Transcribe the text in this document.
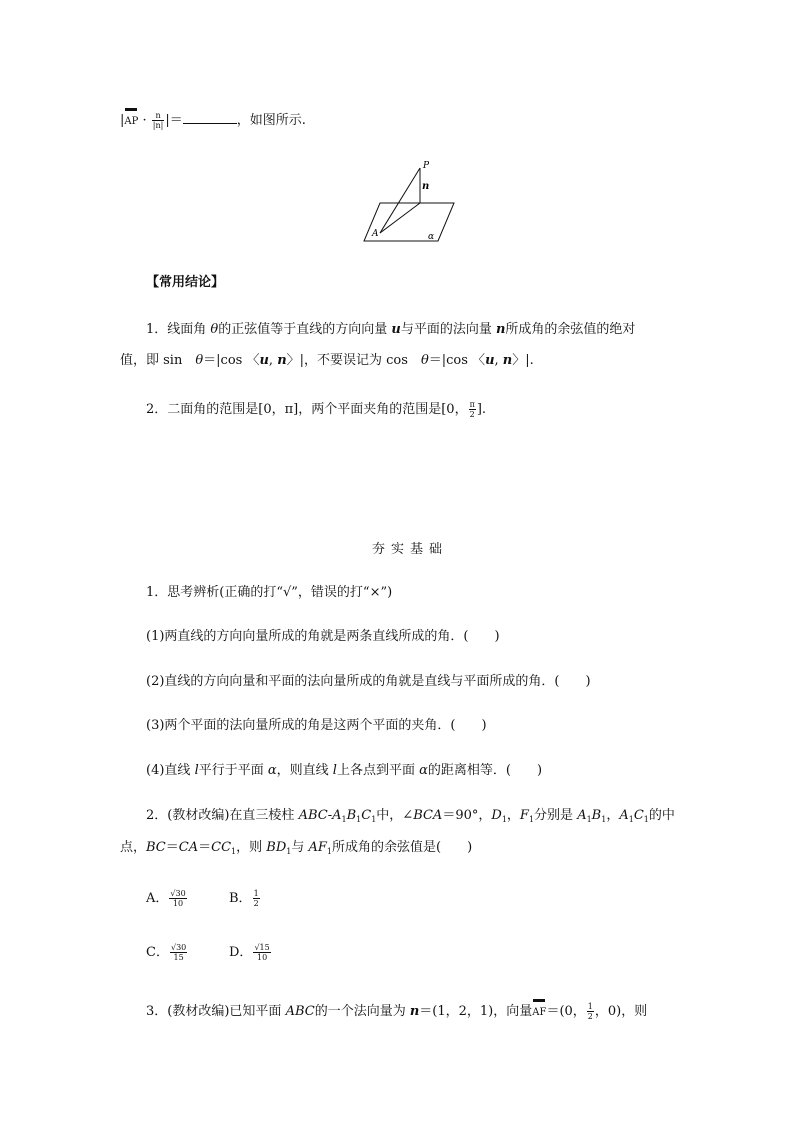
$|AP \cdot \frac{n}{|n|}$ |＝	，如图所示.
P
n
A	α
【常用结论】
1．线面角 θ的正弦值等于直线的方向向量 u与平面的法向量 n所成角的余弦值的绝对
值，即 sin　θ＝|cos 〈u, n〉|，不要误记为 cos　θ＝|cos 〈u, n〉|.
2．二面角的范围是[0，π]，两个平面夹角的范围是[0， $\frac{\pi}{2}$ ].
夯实基础
1．思考辨析(正确的打“√”，错误的打“×”)
(1)两直线的方向向量所成的角就是两条直线所成的角．(　　)
(2)直线的方向向量和平面的法向量所成的角就是直线与平面所成的角．(　　)
(3)两个平面的法向量所成的角是这两个平面的夹角．(　　)
(4)直线 l平行于平面 α，则直线 l上各点到平面 α的距离相等．(　　)
2．(教材改编)在直三棱柱 ABC-$A_1B_1C_1$中，∠BCA＝90°，$D_1$，$F_1$分别是 $A_1B_1$，$A_1C_1$的中
点，$BC=CA=CC_1$，则 $BD_1$与 $AF_1$所成角的余弦值是(　　)
A． $\frac{√30}{10}$	B． $\frac{1}{2}$
C． $\frac{√30}{15}$	D． $\frac{√15}{10}$
3．(教材改编)已知平面 ABC的一个法向量为 n＝(1，2，1)，向量AF＝(0， $\frac{1}{2}$ ，0)，则
